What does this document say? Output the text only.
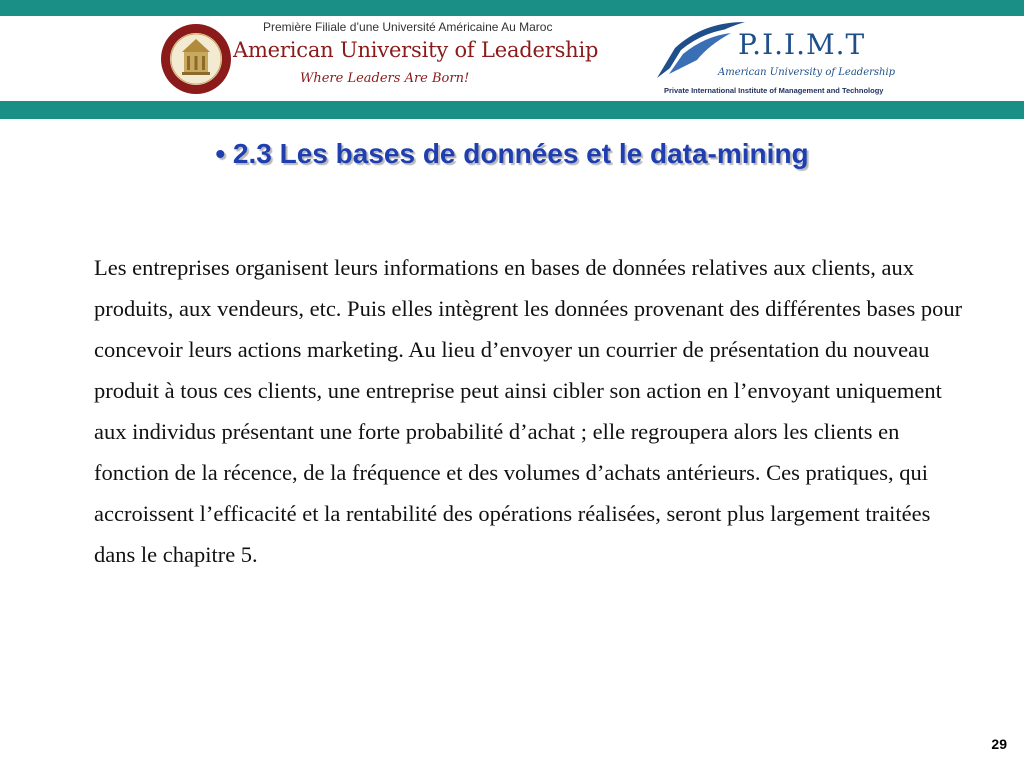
Première Filiale d’une Université Américaine Au Maroc
American University of Leadership
Where Leaders Are Born!
P.I.I.M.T
American University of Leadership
Private International Institute of Management and Technology
• 2.3 Les bases de données et le data-mining

Les entreprises organisent leurs informations en bases de données relatives aux clients, aux produits, aux vendeurs, etc. Puis elles intègrent les données provenant des différentes bases pour concevoir leurs actions marketing. Au lieu d’envoyer un courrier de présentation du nouveau produit à tous ces clients, une entreprise peut ainsi cibler son action en l’envoyant uniquement aux individus présentant une forte probabilité d’achat ; elle regroupera alors les clients en fonction de la récence, de la fréquence et des volumes d’achats antérieurs. Ces pratiques, qui accroissent l’efficacité et la rentabilité des opérations réalisées, seront plus largement traitées dans le chapitre 5.

29
